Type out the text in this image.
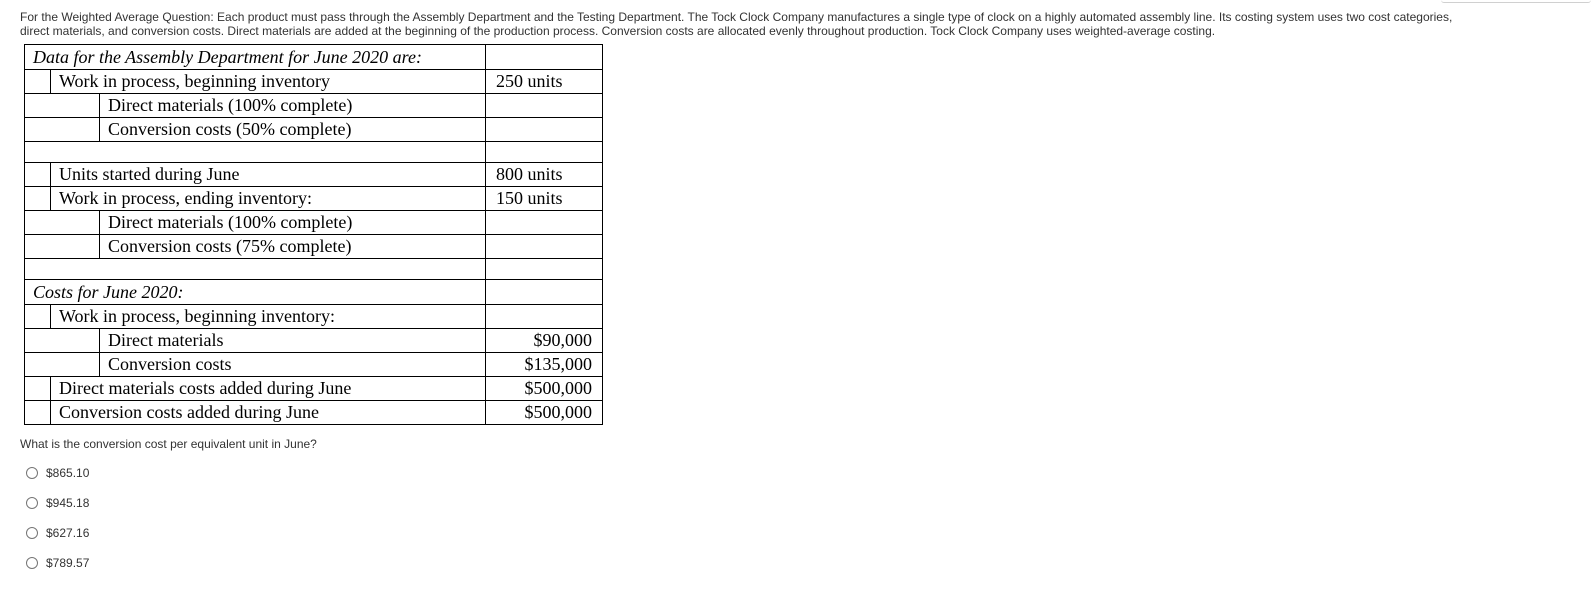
For the Weighted Average Question: Each product must pass through the Assembly Department and the Testing Department. The Tock Clock Company manufactures a single type of clock on a highly automated assembly line. Its costing system uses two cost categories,
direct materials, and conversion costs. Direct materials are added at the beginning of the production process. Conversion costs are allocated evenly throughout production. Tock Clock Company uses weighted-average costing.
Data for the Assembly Department for June 2020 are:			
	Work in process, beginning inventory		250 units
		Direct materials (100% complete)	
		Conversion costs (50% complete)	

	Units started during June		800 units
	Work in process, ending inventory:		150 units
		Direct materials (100% complete)	
		Conversion costs (75% complete)	

Costs for June 2020:			
	Work in process, beginning inventory:		
		Direct materials	$90,000
		Conversion costs	$135,000
	Direct materials costs added during June		$500,000
	Conversion costs added during June		$500,000
What is the conversion cost per equivalent unit in June?
$865.10
$945.18
$627.16
$789.57
